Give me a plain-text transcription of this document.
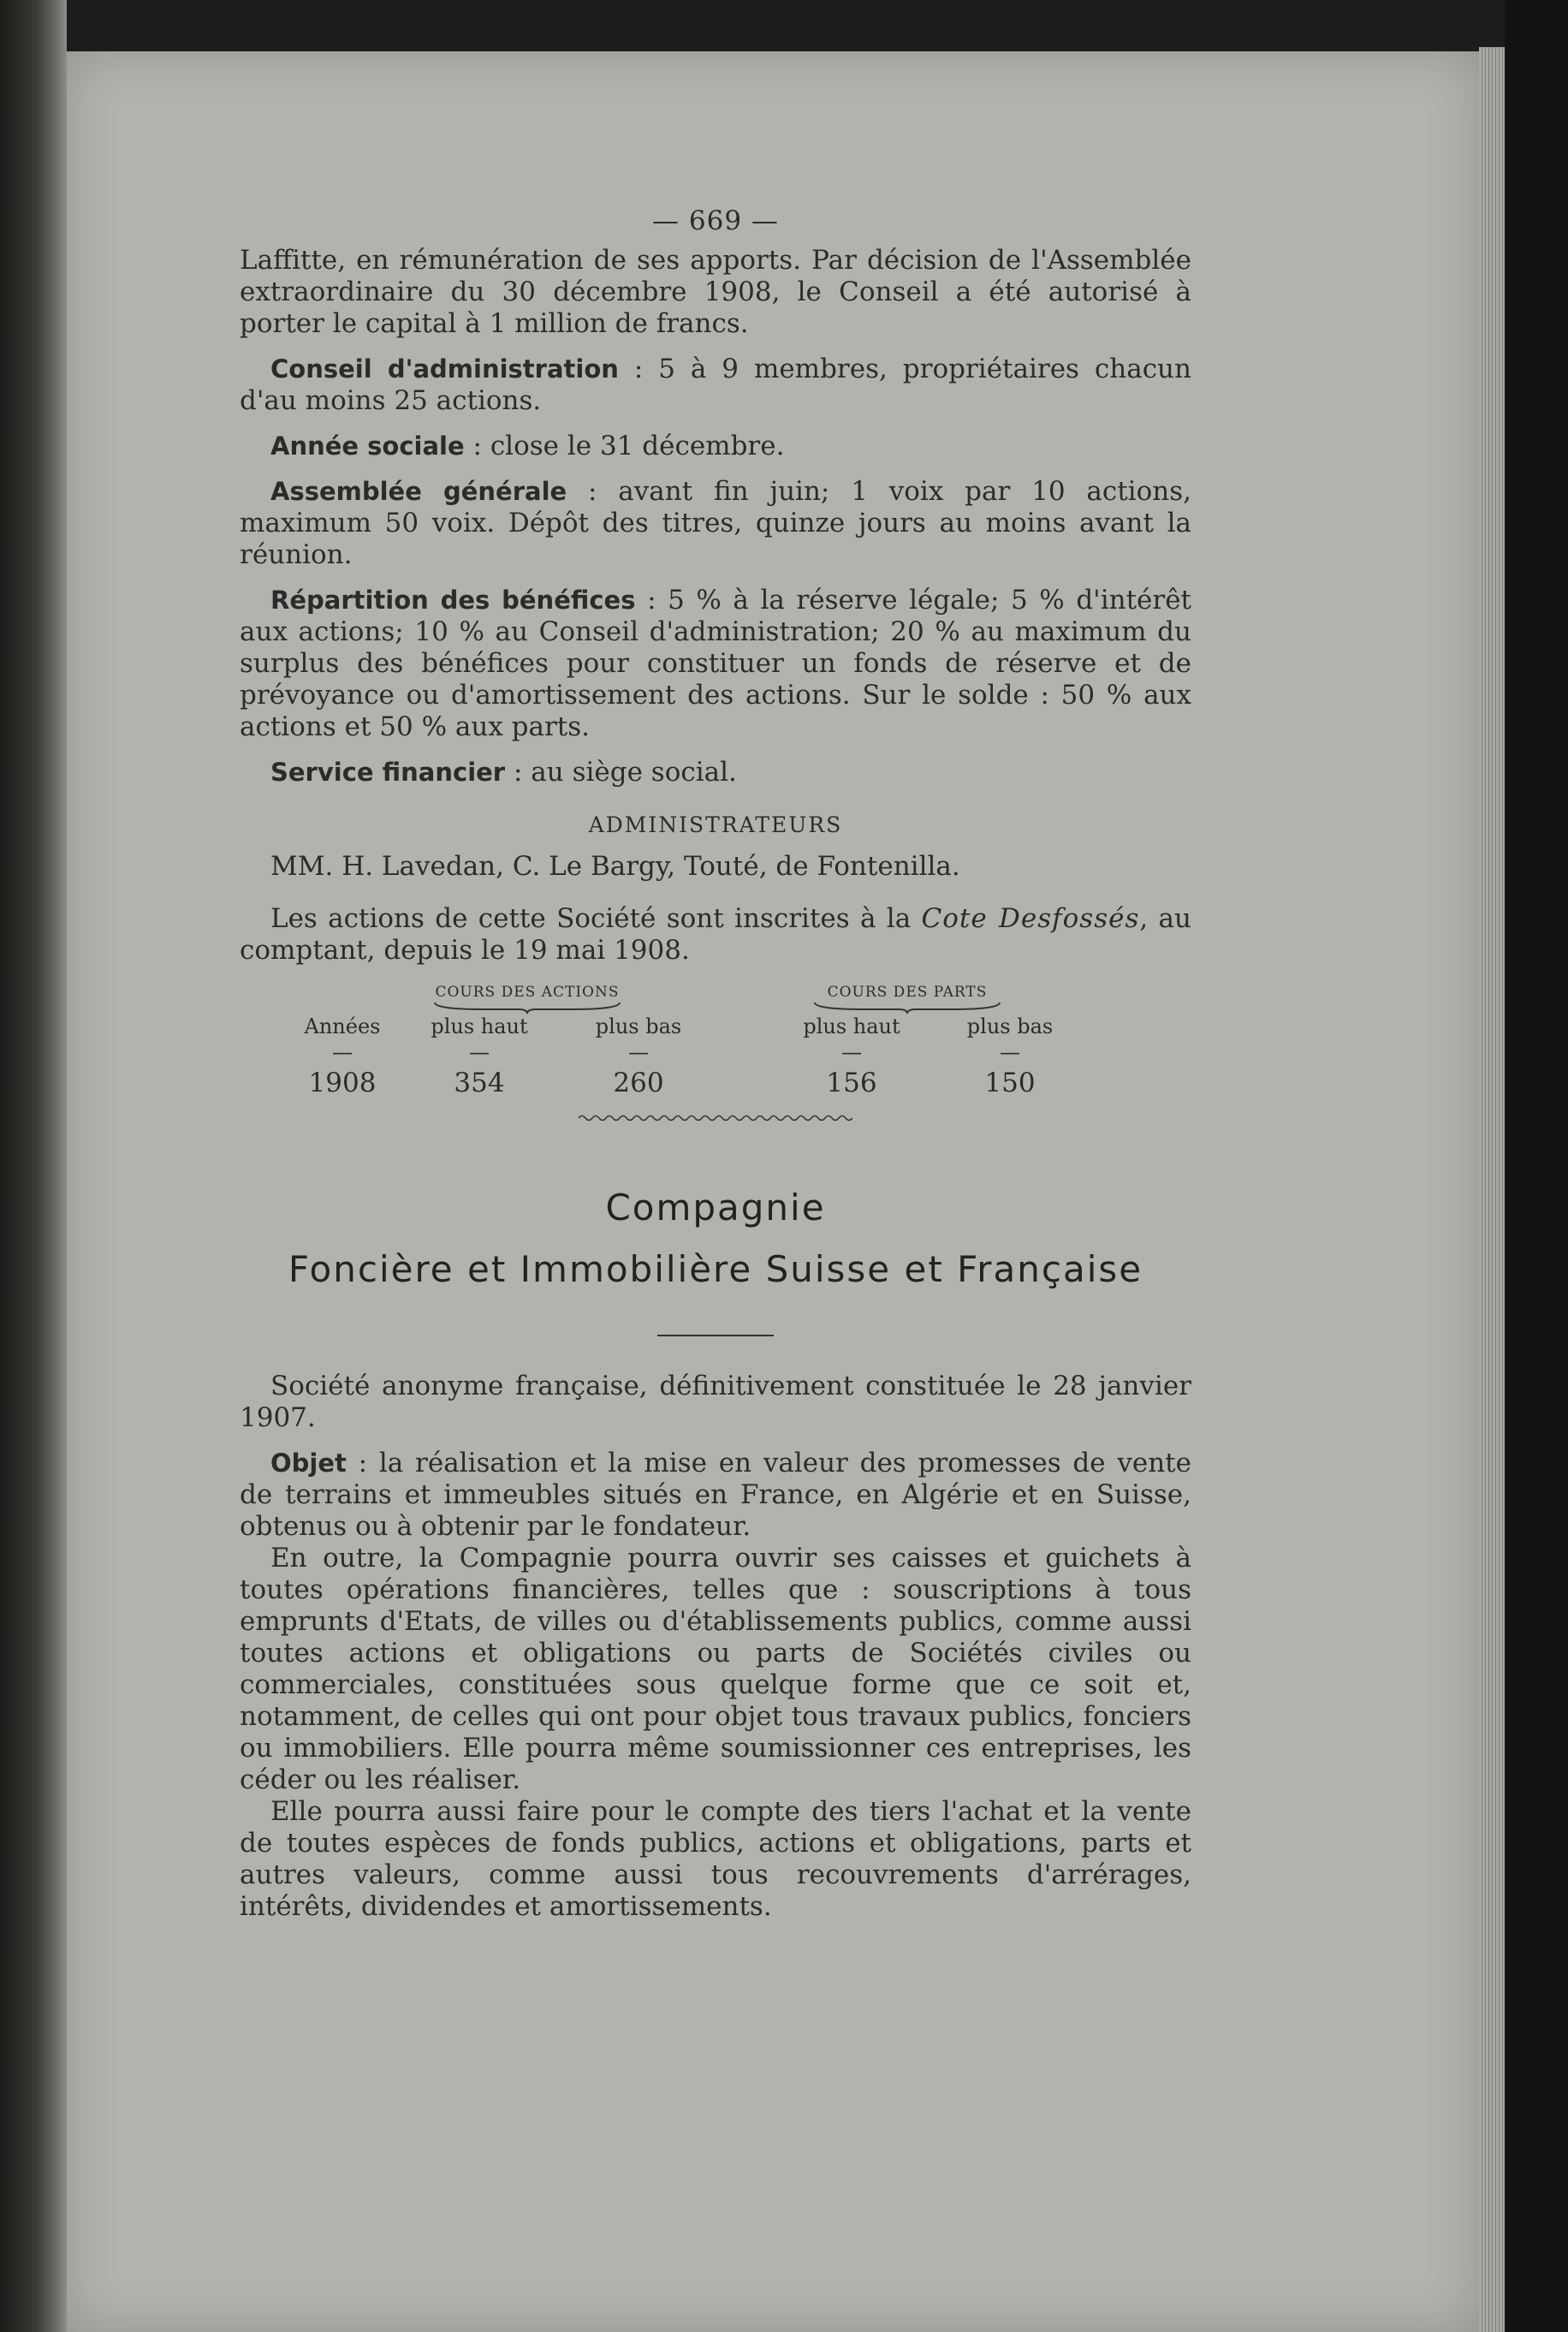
— 669 —

Laffitte, en rémunération de ses apports. Par décision de l'Assemblée extraordinaire du 30 décembre 1908, le Conseil a été autorisé à porter le capital à 1 million de francs.

Conseil d'administration : 5 à 9 membres, propriétaires chacun d'au moins 25 actions.

Année sociale : close le 31 décembre.

Assemblée générale : avant fin juin; 1 voix par 10 actions, maximum 50 voix. Dépôt des titres, quinze jours au moins avant la réunion.

Répartition des bénéfices : 5 % à la réserve légale; 5 % d'intérêt aux actions; 10 % au Conseil d'administration; 20 % au maximum du surplus des bénéfices pour constituer un fonds de réserve et de prévoyance ou d'amortissement des actions. Sur le solde : 50 % aux actions et 50 % aux parts.

Service financier : au siège social.

ADMINISTRATEURS

MM. H. Lavedan, C. Le Bargy, Touté, de Fontenilla.

Les actions de cette Société sont inscrites à la Cote Desfossés, au comptant, depuis le 19 mai 1908.

COURS DES ACTIONS	COURS DES PARTS
Années	plus haut	plus bas	plus haut	plus bas
—	—	—	—	—
1908	354	260	156	150
Compagnie
Foncière et Immobilière Suisse et Française

Société anonyme française, définitivement constituée le 28 janvier 1907.

Objet : la réalisation et la mise en valeur des promesses de vente de terrains et immeubles situés en France, en Algérie et en Suisse, obtenus ou à obtenir par le fondateur.

En outre, la Compagnie pourra ouvrir ses caisses et guichets à toutes opérations financières, telles que : souscriptions à tous emprunts d'Etats, de villes ou d'établissements publics, comme aussi toutes actions et obligations ou parts de Sociétés civiles ou commerciales, constituées sous quelque forme que ce soit et, notamment, de celles qui ont pour objet tous travaux publics, fonciers ou immobiliers. Elle pourra même soumissionner ces entreprises, les céder ou les réaliser.

Elle pourra aussi faire pour le compte des tiers l'achat et la vente de toutes espèces de fonds publics, actions et obligations, parts et autres valeurs, comme aussi tous recouvrements d'arrérages, intérêts, dividendes et amortissements.
